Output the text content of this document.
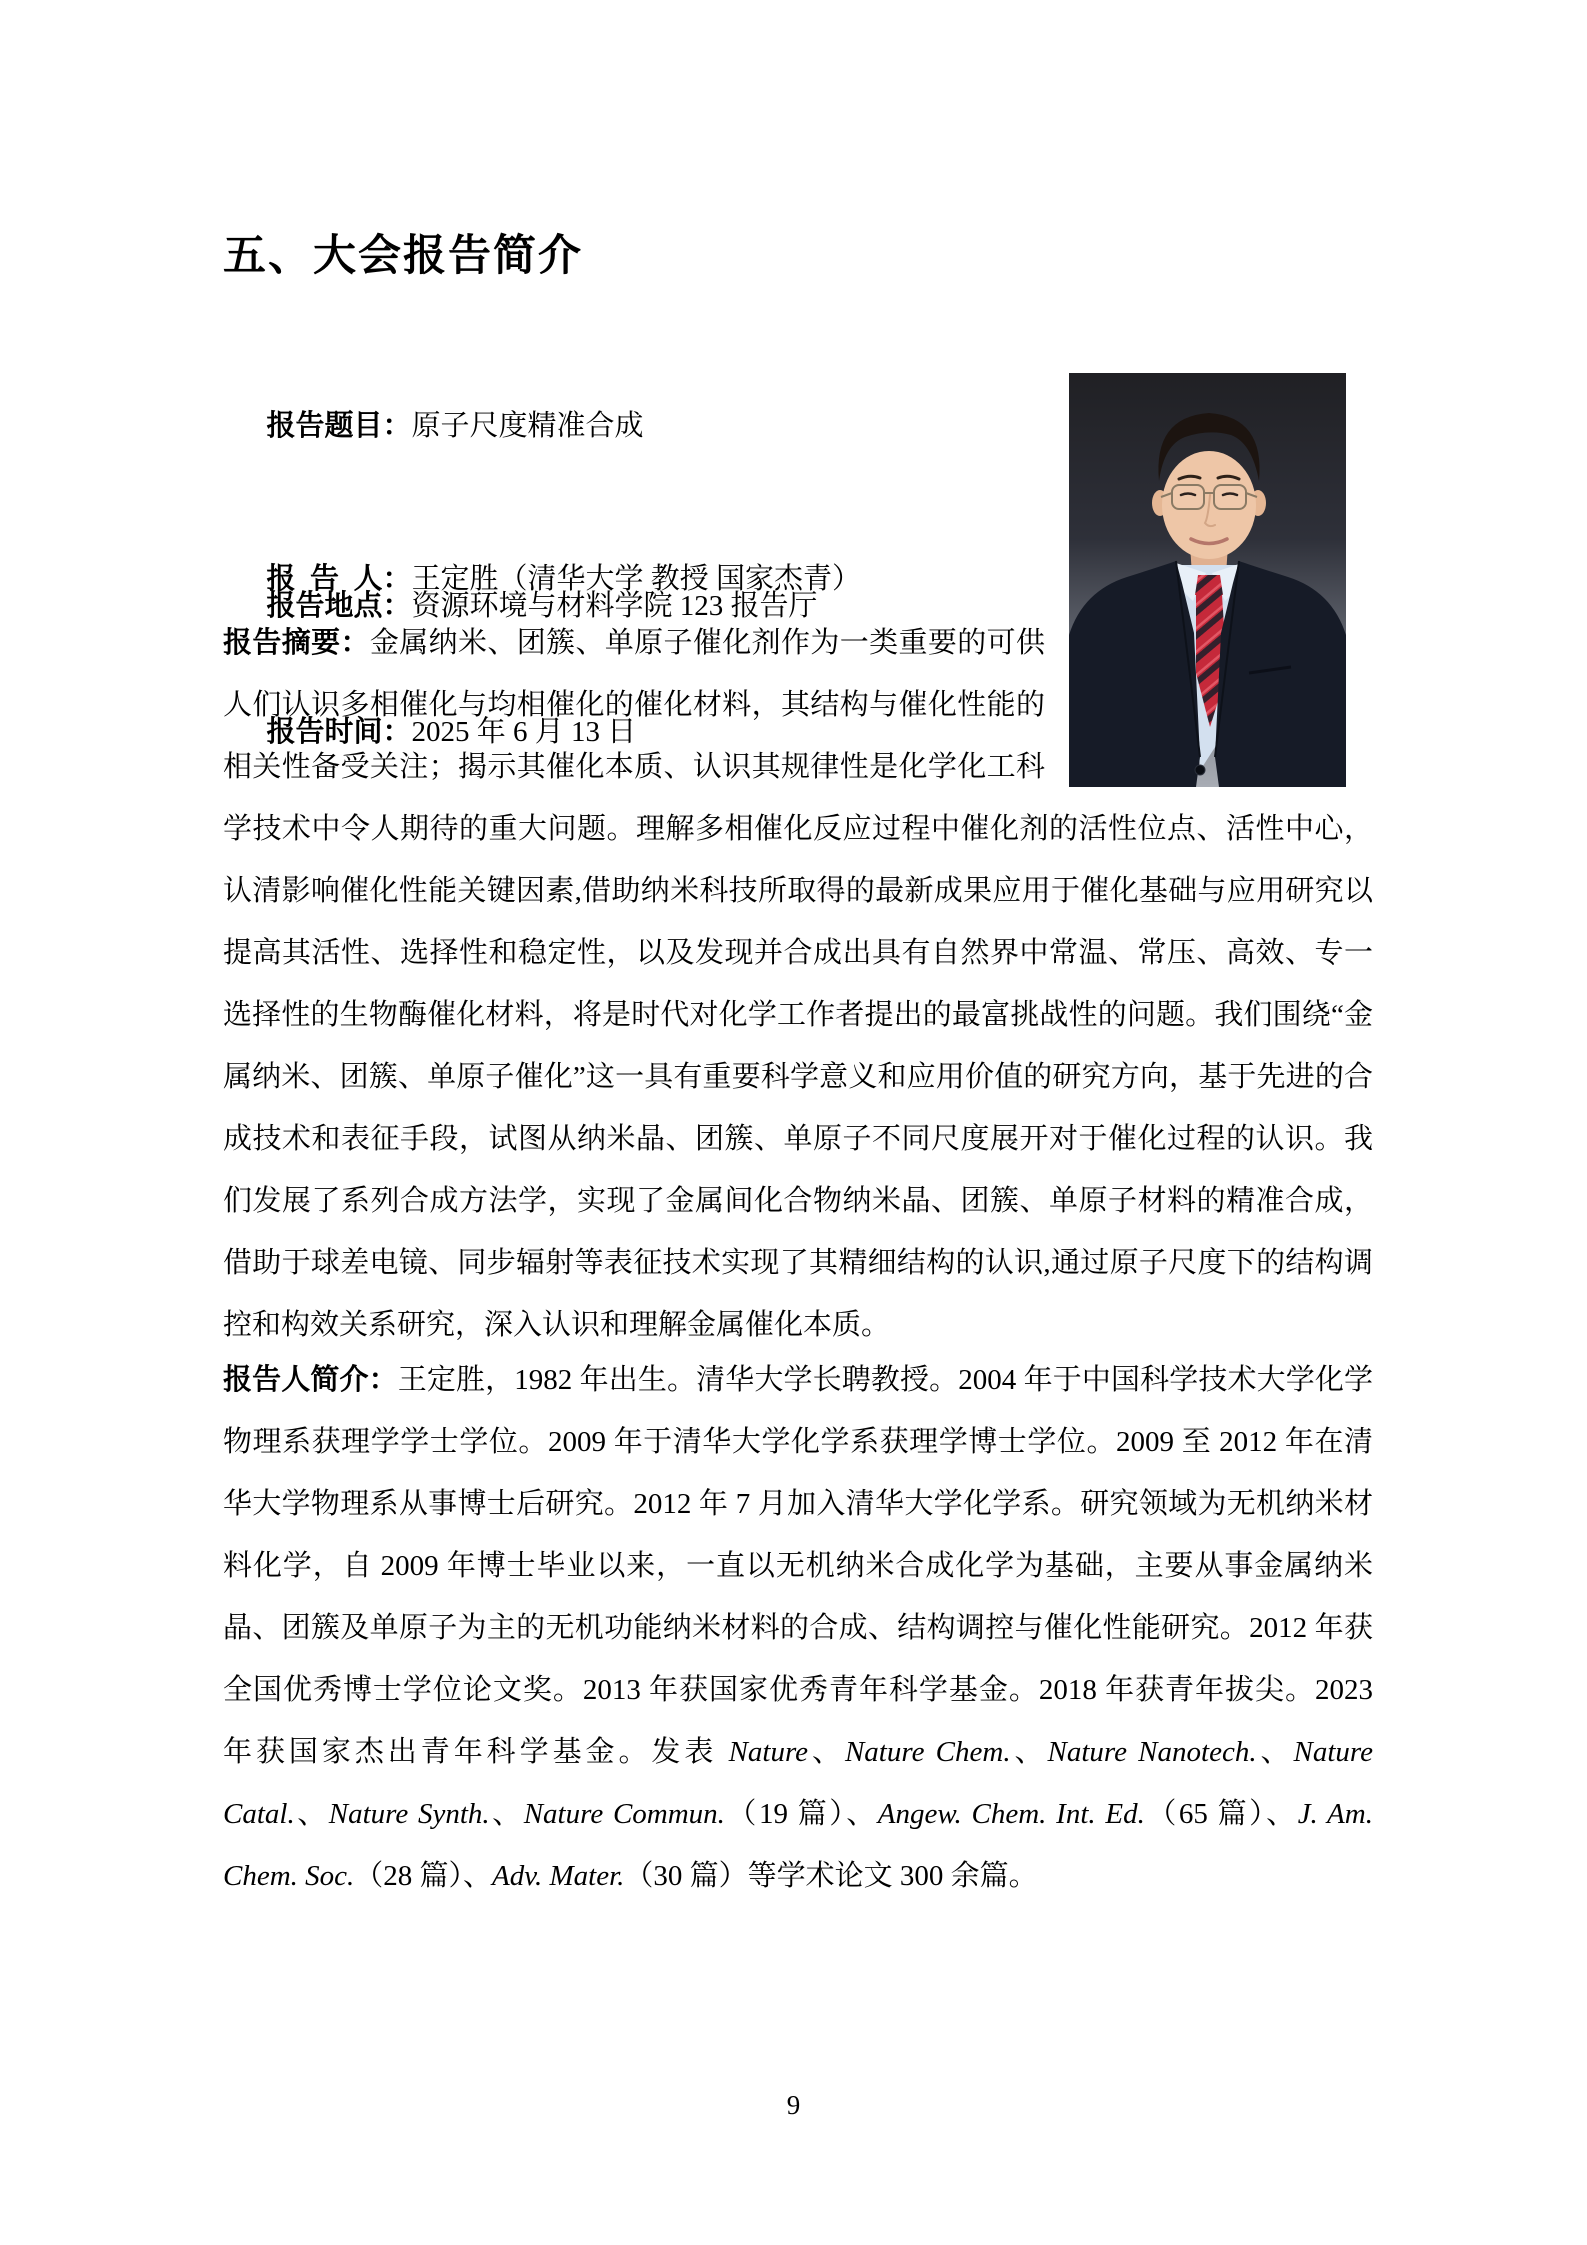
五、大会报告简介

报告题目：原子尺度精准合成

报  告  人：王定胜（清华大学 教授 国家杰青）

报告时间：2025 年 6 月 13 日

报告地点：资源环境与材料学院 123 报告厅

报告摘要：金属纳米、团簇、单原子催化剂作为一类重要的可供人们认识多相催化与均相催化的催化材料，其结构与催化性能的相关性备受关注；揭示其催化本质、认识其规律性是化学化工科学技术中令人期待的重大问题。理解多相催化反应过程中催化剂的活性位点、活性中心，认清影响催化性能关键因素,借助纳米科技所取得的最新成果应用于催化基础与应用研究以提高其活性、选择性和稳定性，以及发现并合成出具有自然界中常温、常压、高效、专一选择性的生物酶催化材料，将是时代对化学工作者提出的最富挑战性的问题。我们围绕“金属纳米、团簇、单原子催化”这一具有重要科学意义和应用价值的研究方向，基于先进的合成技术和表征手段，试图从纳米晶、团簇、单原子不同尺度展开对于催化过程的认识。我们发展了系列合成方法学，实现了金属间化合物纳米晶、团簇、单原子材料的精准合成，借助于球差电镜、同步辐射等表征技术实现了其精细结构的认识,通过原子尺度下的结构调控和构效关系研究，深入认识和理解金属催化本质。

报告人简介：王定胜，1982 年出生。清华大学长聘教授。2004 年于中国科学技术大学化学物理系获理学学士学位。2009 年于清华大学化学系获理学博士学位。2009 至 2012 年在清华大学物理系从事博士后研究。2012 年 7 月加入清华大学化学系。研究领域为无机纳米材料化学，自 2009 年博士毕业以来，一直以无机纳米合成化学为基础，主要从事金属纳米晶、团簇及单原子为主的无机功能纳米材料的合成、结构调控与催化性能研究。2012 年获全国优秀博士学位论文奖。2013 年获国家优秀青年科学基金。2018 年获青年拔尖。2023 年获国家杰出青年科学基金。发表 Nature、Nature Chem.、Nature Nanotech.、Nature Catal.、Nature Synth.、Nature Commun.（19 篇）、Angew. Chem. Int. Ed.（65 篇）、J. Am. Chem. Soc.（28 篇）、Adv. Mater.（30 篇）等学术论文 300 余篇。

9
